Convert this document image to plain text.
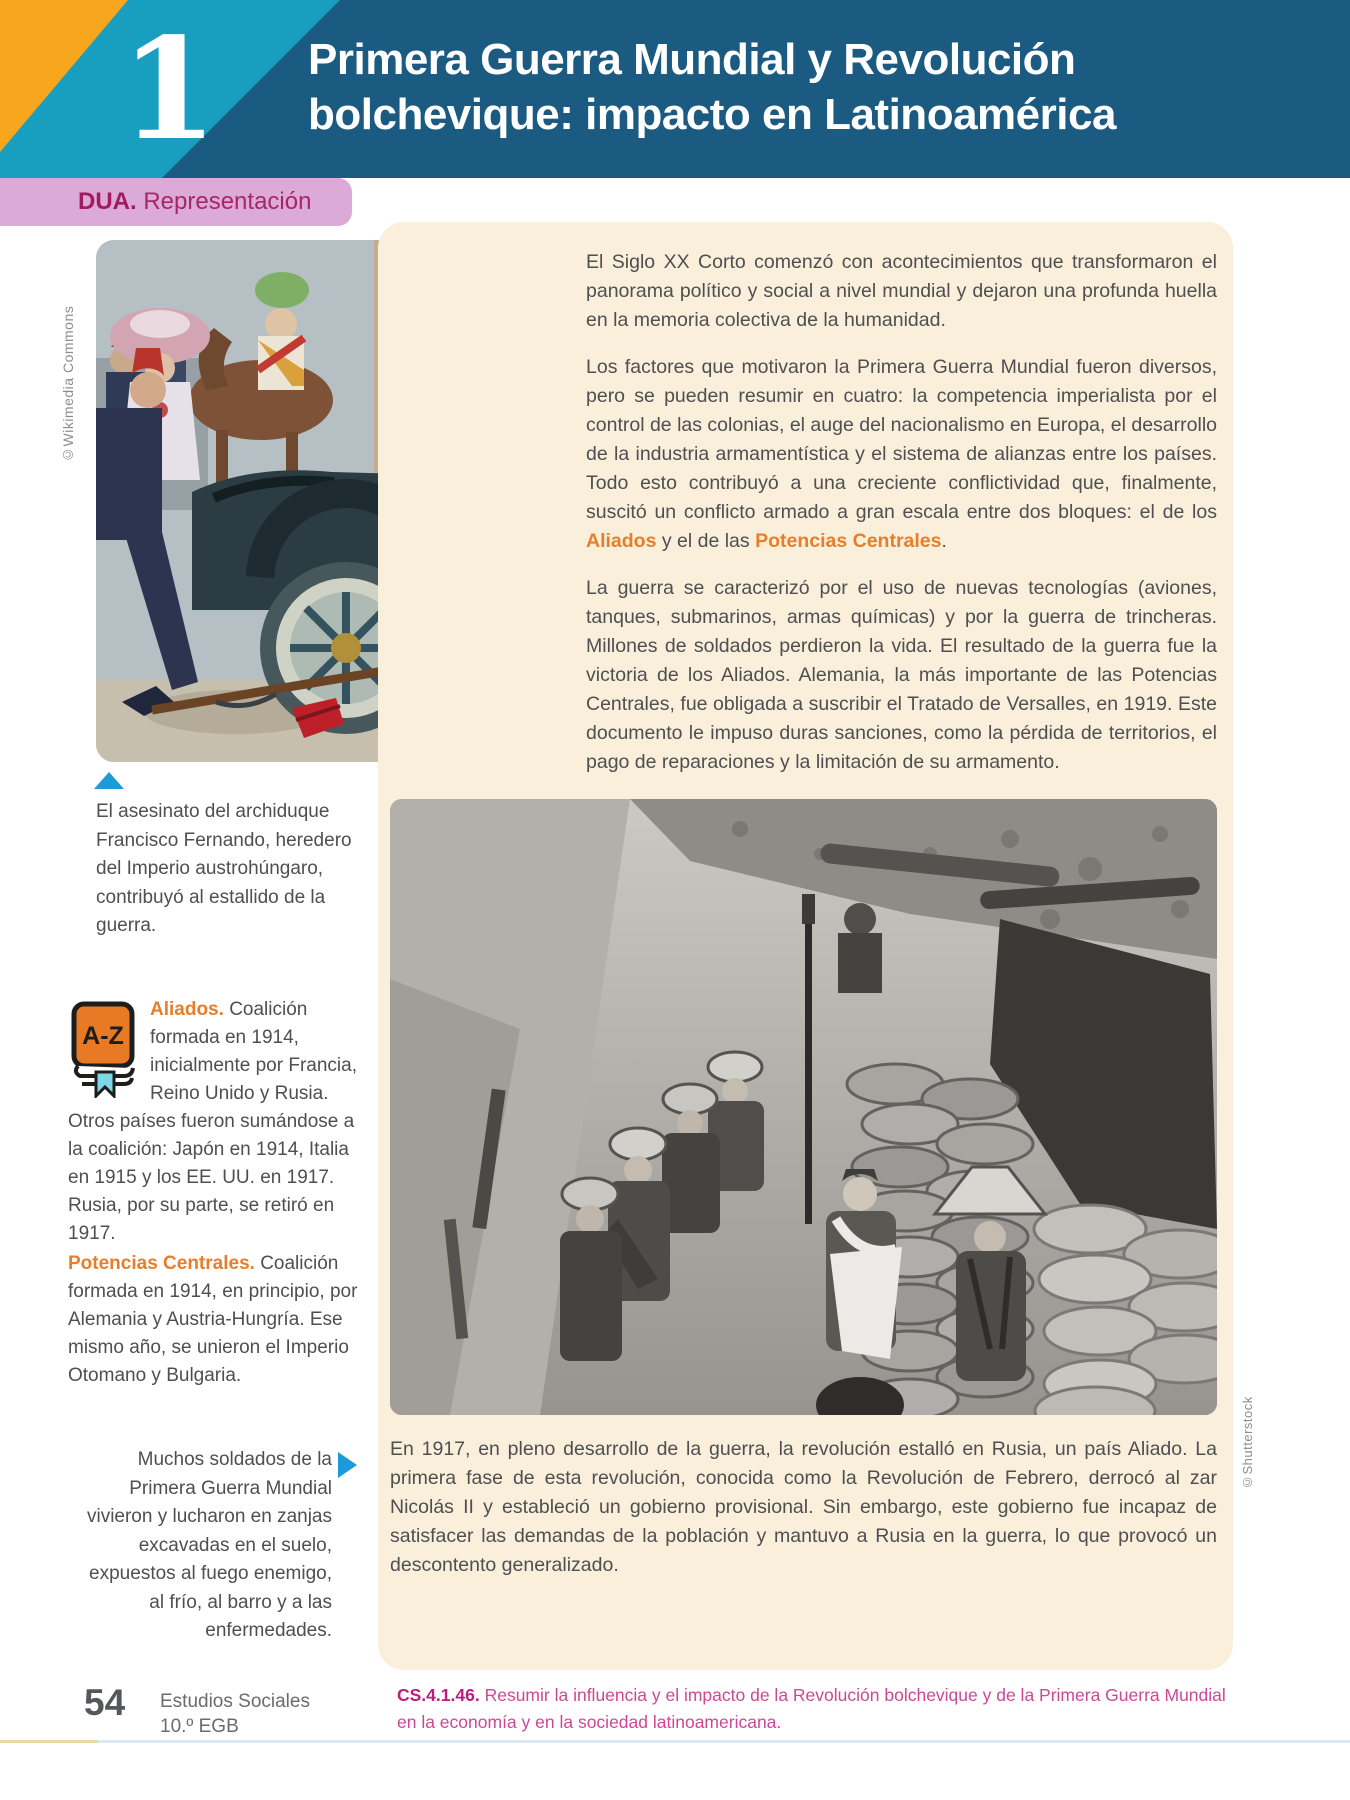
1	Primera Guerra Mundial y Revolución
bolchevique: impacto en Latinoamérica
DUA. Representación
©Wikimedia Commons
©Shutterstock

El Siglo XX Corto comenzó con acontecimientos que transformaron el panorama político y social a nivel mundial y dejaron una profunda huella en la memoria colectiva de la humanidad.

Los factores que motivaron la Primera Guerra Mundial fueron diversos, pero se pueden resumir en cuatro: la competencia imperialista por el control de las colonias, el auge del nacionalismo en Europa, el desarrollo de la industria armamentística y el sistema de alianzas entre los países. Todo esto contribuyó a una creciente conflictividad que, finalmente, suscitó un conflicto armado a gran escala entre dos bloques: el de los Aliados y el de las Potencias Centrales.

La guerra se caracterizó por el uso de nuevas tecnologías (aviones, tanques, submarinos, armas químicas) y por la guerra de trincheras. Millones de soldados perdieron la vida. El resultado de la guerra fue la victoria de los Aliados. Alemania, la más importante de las Potencias Centrales, fue obligada a suscribir el Tratado de Versalles, en 1919. Este documento le impuso duras sanciones, como la pérdida de territorios, el pago de reparaciones y la limitación de su armamento.

En 1917, en pleno desarrollo de la guerra, la revolución estalló en Rusia, un país Aliado. La primera fase de esta revolución, conocida como la Revolución de Febrero, derrocó al zar Nicolás II y estableció un gobierno provisional. Sin embargo, este gobierno fue incapaz de satisfacer las demandas de la población y mantuvo a Rusia en la guerra, lo que provocó un descontento generalizado.

El asesinato del archiduque Francisco Fernando, heredero del Imperio austrohúngaro, contribuyó al estallido de la guerra.
A-Z
Aliados. Coalición formada en 1914, inicialmente por Francia, Reino Unido y Rusia. Otros países fueron sumándose a la coalición: Japón en 1914, Italia en 1915 y los EE. UU. en 1917. Rusia, por su parte, se retiró en 1917.
Potencias Centrales. Coalición formada en 1914, en principio, por Alemania y Austria-Hungría. Ese mismo año, se unieron el Imperio Otomano y Bulgaria.
Muchos soldados de la Primera Guerra Mundial vivieron y lucharon en zanjas excavadas en el suelo, expuestos al fuego enemigo, al frío, al barro y a las enfermedades.
54 Estudios Sociales
10.º EGB
CS.4.1.46. Resumir la influencia y el impacto de la Revolución bolchevique y de la Primera Guerra Mundial en la economía y en la sociedad latinoamericana.
